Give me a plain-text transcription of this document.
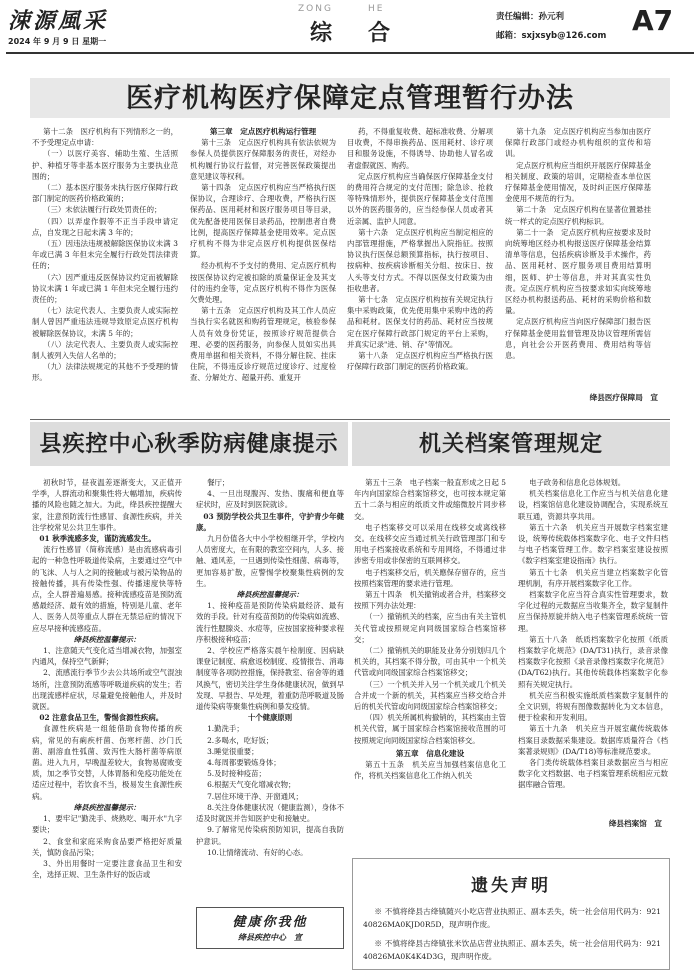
涑源風采
2024 年 9 月 9 日 星期一
ZONG	HE
综 合
责任编辑：孙元利
邮箱：sxjxsyb@126.com A7
医疗机构医疗保障定点管理暂行办法
第十二条　医疗机构有下列情形之一的，不予受理定点申请：
（一）以医疗美容、辅助生殖、生活照护、种植牙等非基本医疗服务为主要执业范围的；
（二）基本医疗服务未执行医疗保障行政部门制定的医药价格政策的；
（三）未依法履行行政处罚责任的；
（四）以弄虚作假等不正当手段申请定点，自发现之日起未满 3 年的；
（五）因违法违规被解除医保协议未满 3 年或已满 3 年但未完全履行行政处罚法律责任的；
（六）因严重违反医保协议约定而被解除协议未满 1 年或已满 1 年但未完全履行违约责任的；
（七）法定代表人、主要负责人或实际控制人曾因严重违法违规导致原定点医疗机构被解除医保协议，未满 5 年的；
（八）法定代表人、主要负责人或实际控制人被列入失信人名单的；
（九）法律法规规定的其他不予受理的情形。
第三章　定点医疗机构运行管理
第十三条　定点医疗机构具有依法依规为参保人员提供医疗保障服务的责任，对经办机构履行协议行监督，对完善医保政策提出意见建议等权利。
第十四条　定点医疗机构应当严格执行医保协议，合理诊疗、合理收费，严格执行医保药品、医用耗材和医疗服务项目等目录，优先配备使用医保目录药品，控制患者自费比例，提高医疗保障基金使用效率。定点医疗机构不得为非定点医疗机构提供医保结算。
经办机构不予支付的费用、定点医疗机构按医保协议约定被扣除的质量保证金及其支付的违约金等，定点医疗机构不得作为医保欠费处理。
第十五条　定点医疗机构及其工作人员应当执行实名就医和购药管理规定，核验参保人员有效身份凭证，按照诊疗规范提供合理、必要的医药服务，向参保人员如实出具费用单据和相关资料，不得分解住院、挂床住院，不得违反诊疗规范过度诊疗、过度检查、分解处方、超量开药、重复开
药，不得重复收费、超标准收费、分解项目收费，不得串换药品、医用耗材、诊疗项目和服务设施，不得诱导、协助他人冒名或者虚假就医、购药。
定点医疗机构应当确保医疗保障基金支付的费用符合规定的支付范围；除急诊、抢救等特殊情形外，提供医疗保障基金支付范围以外的医药服务的，应当经参保人员或者其近亲属、监护人同意。
第十六条　定点医疗机构应当制定相应的内部管理措施，严格掌握出入院指征。按照协议执行医保总额预算指标，执行按项目、按病种、按疾病诊断相关分组、按床日、按人头等支付方式。不得以医保支付政策为由拒收患者。
第十七条　定点医疗机构按有关规定执行集中采购政策，优先使用集中采购中选的药品和耗材。医保支付的药品、耗材应当按规定在医疗保障行政部门规定的平台上采购，并真实记录"进、销、存"等情况。
第十八条　定点医疗机构应当严格执行医疗保障行政部门制定的医药价格政策。
第十九条　定点医疗机构应当参加由医疗保障行政部门或经办机构组织的宣传和培训。
定点医疗机构应当组织开展医疗保障基金相关制度、政策的培训，定期检查本单位医疗保障基金使用情况，及时纠正医疗保障基金使用不规范的行为。
第二十条　定点医疗机构在显著位置悬挂统一样式的定点医疗机构标识。
第二十一条　定点医疗机构应按要求及时向统筹地区经办机构报送医疗保障基金结算清单等信息，包括疾病诊断及手术操作，药品、医用耗材、医疗服务项目费用结算明细，医师、护士等信息，并对其真实性负责。定点医疗机构应当按要求如实向统筹地区经办机构报送药品、耗材的采购价格和数量。
定点医疗机构应当向医疗保障部门报告医疗保障基金使用监督管理及协议管理所需信息，向社会公开医药费用、费用结构等信息。
绛县医疗保障局　宣
县疾控中心秋季防病健康提示
初秋时节，昼夜温差逐渐变大，又正值开学季，人群流动和聚集性将大幅增加，疾病传播的风险也随之加大。为此，绛县疾控提醒大家，注意预防流行性感冒、食源性疾病，并关注学校常见公共卫生事件。
01 秋季流感多发，谨防流感发生。
流行性感冒（简称流感）是由流感病毒引起的一种急性呼吸道传染病，主要通过空气中的飞沫、人与人之间的接触或与被污染物品的接触传播，具有传染性强、传播速度快等特点，全人群普遍易感。接种流感疫苗是预防流感最经济、最有效的措施，特别是儿童、老年人、医务人员等重点人群在无禁忌症的情况下应尽早接种流感疫苗。
绛县疾控温馨提示：
1、注意随天气变化适当增减衣物，加强室内通风，保持空气新鲜；
2、流感流行季节少去公共场所或空气混浊场所，注意预防流感等呼吸道疾病的发生；若出现流感样症状，尽量避免接触他人，并及时就医。
02 注意食品卫生，警惕食源性疾病。
食源性疾病是一组能借助食物传播的疾病，常见的有痢疾杆菌、伤寒杆菌、沙门氏菌、副溶血性弧菌、致泻性大肠杆菌等病原菌。进入九月，早晚温差较大，食物易腐败变质，加之季节交替，人体胃肠和免疫功能处在适应过程中，若饮食不当，极易发生食源性疾病。
绛县疾控温馨提示：
1、要牢记"勤洗手、烧熟吃、喝开水"九字要诀；
2、食堂和家庭采购食品要严格把好质量关，慎防食品污染；
3、外出用餐时一定要注意食品卫生和安全，选择正规、卫生条件好的饭店或
餐厅；
4、一旦出现腹泻、发热、腹痛和便血等症状时，应及时到医院就诊。
03 预防学校公共卫生事件，守护青少年健康。
九月份值各大中小学校相继开学，学校内人员密度大，在有限的教室空间内，人多、接触、通风差，一旦遇到传染性细菌、病毒等，更加容易扩散，应警惕学校聚集性病例的发生。
绛县疾控温馨提示：
1、接种疫苗是预防传染病最经济、最有效的手段。针对有疫苗预防的传染病如流感、流行性腮腺炎、水痘等，应按国家接种要求程序积极接种疫苗；
2、学校应严格落实晨午检制度、因病缺课登记制度、病愈返校制度、疫情报告、消毒制度等各项防控措施，保持教室、宿舍等的通风换气，密切关注学生身体健康状况，做到早发现、早报告、早处理，着重防范呼吸道及肠道传染病等聚集性病例和暴发疫情。
十个健康原则
1.勤洗手；
2.多喝水，吃好饭；
3.睡觉很重要；
4.每周都要锻炼身体；
5.及时接种疫苗；
6.根据天气变化增减衣物；
7.居住环境干净、开窗通风；
8.关注身体健康状况（健康监测），身体不适及时就医并告知医护史和接触史。
9.了解常见传染病预防知识，提高自我防护意识。
10.让情绪流动、有好的心态。
健康你我他
绛县疾控中心　宣
机关档案管理规定
第五十三条　电子档案一般直形成之日起 5 年内向国家综合档案馆移交，也可按本规定第五十二条与相应的纸质文件或缩微胶片同步移交。
电子档案移交可以采用在线移交或离线移交。在线移交应当通过机关行政管理部门和专用电子档案接收系统和专用网络，不得通过非涉密专用或非保密的互联网移交。
电子档案移交后，机关應保存留存的，应当按照档案管理的要求进行管理。
第五十四条　机关撤销或者合并，档案移交按照下列办法处理：
（一）撤销机关的档案，应当由有关主管机关代管或按照规定向同级国家综合档案馆移交；
（二）撤销机关的职能及业务分别划归几个机关的，其档案不得分散，可由其中一个机关代管或向同级国家综合档案馆移交；
（三）一个机关并入另一个机关或几个机关合并成一个新的机关，其档案应当移交给合并后的机关代管或向同级国家综合档案馆移交；
（四）机关所属机构撤销的，其档案由主管机关代管，属于国家综合档案馆接收范围的可按照规定向同级国家综合档案馆移交。
第五章　信息化建设
第五十五条　机关应当加强档案信息化工作，将机关档案信息化工作纳入机关
电子政务和信息化总体规划。
机关档案信息化工作应当与机关信息化建设，档案馆信息化建设协调配合，实现系统互联互通，资源共享共用。
第五十六条　机关应当开展数字档案室建设，统筹传统载体档案数字化、电子文件归档与电子档案管理工作。数字档案室建设按照《数字档案室建设指南》执行。
第五十七条　机关应当建立档案数字化管理机制，有序开展档案数字化工作。
档案数字化应当符合真实性管理要求，数字化过程的元数据应当收集齐全，数字复制件应当保持原貌并纳入电子档案管理系统统一管理。
第五十八条　纸质档案数字化按照《纸质档案数字化规范》(DA/T31)执行，录音录像档案数字化按照《录音录像档案数字化规范》(DA/T62)执行。其他传统载体档案数字化参照有关规定执行。
机关应当积极实施纸质档案数字复制件的全文识别，将规有图像数据转化为文本信息，便于检索和开发利用。
第五十九条　机关应当开展室藏传统载体档案目录数据采集建设。数据库质量符合《档案著录规则》(DA/T18)等标准规范要求。
各门类传统载体档案目录数据应当与相应数字化文档数据、电子档案管理系统相应元数据库融合管理。
绛县档案馆　宣
遗失声明
※ 不慎将绛县古绛镇随兴小吃店营业执照正、副本丢失，统一社会信用代码为：92140826MA0KJD0R5D，现声明作废。
※ 不慎将绛县古绛镇张米饮品店营业执照正、副本丢失，统一社会信用代码为：92140826MA0K4K4D3G，现声明作废。
